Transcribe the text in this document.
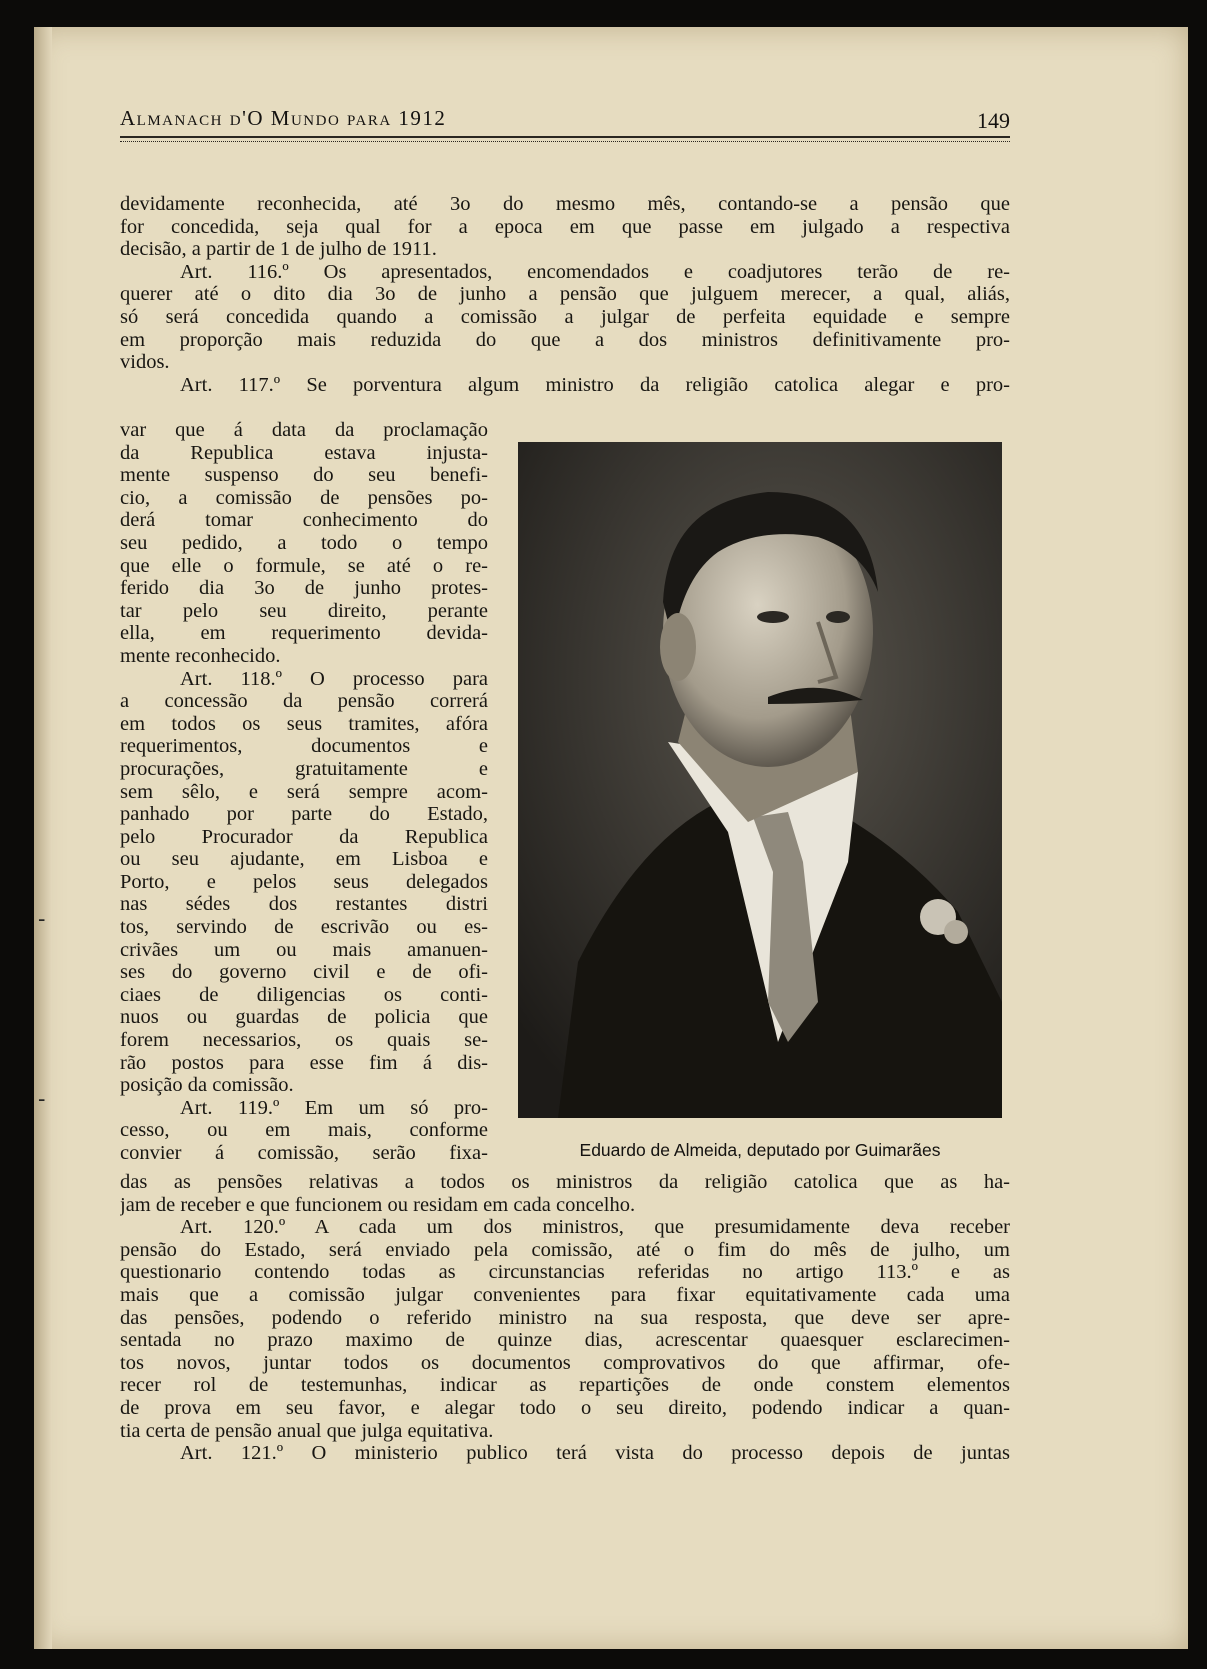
‑
‑
Almanach d'O Mundo para 1912	149
devidamente reconhecida, até 3o do mesmo mês, contando-se a pensão que
for concedida, seja qual for a epoca em que passe em julgado a respectiva
decisão, a partir de 1 de julho de 1911.
Art. 116.º Os apresentados, encomendados e coadjutores terão de re-
querer até o dito dia 3o de junho a pensão que julguem merecer, a qual, aliás,
só será concedida quando a comissão a julgar de perfeita equidade e sempre
em proporção mais reduzida do que a dos ministros definitivamente pro-
vidos.
Art. 117.º Se porventura algum ministro da religião catolica alegar e pro-
var que á data da proclamação
da Republica estava injusta-
mente suspenso do seu benefi-
cio, a comissão de pensões po-
derá tomar conhecimento do
seu pedido, a todo o tempo
que elle o formule, se até o re-
ferido dia 3o de junho protes-
tar pelo seu direito, perante
ella, em requerimento devida-
mente reconhecido.
Art. 118.º O processo para
a concessão da pensão correrá
em todos os seus tramites, afóra
requerimentos, documentos e
procurações, gratuitamente e
sem sêlo, e será sempre acom-
panhado por parte do Estado,
pelo Procurador da Republica
ou seu ajudante, em Lisboa e
Porto, e pelos seus delegados
nas sédes dos restantes distri
tos, servindo de escrivão ou es-
crivães um ou mais amanuen-
ses do governo civil e de ofi-
ciaes de diligencias os conti-
nuos ou guardas de policia que
forem necessarios, os quais se-
rão postos para esse fim á dis-
posição da comissão.
Art. 119.º Em um só pro-
cesso, ou em mais, conforme
convier á comissão, serão fixa-	Eduardo de Almeida, deputado por Guimarães
das as pensões relativas a todos os ministros da religião catolica que as ha-
jam de receber e que funcionem ou residam em cada concelho.
Art. 120.º A cada um dos ministros, que presumidamente deva receber
pensão do Estado, será enviado pela comissão, até o fim do mês de julho, um
questionario contendo todas as circunstancias referidas no artigo 113.º e as
mais que a comissão julgar convenientes para fixar equitativamente cada uma
das pensões, podendo o referido ministro na sua resposta, que deve ser apre-
sentada no prazo maximo de quinze dias, acrescentar quaesquer esclarecimen-
tos novos, juntar todos os documentos comprovativos do que affirmar, ofe-
recer rol de testemunhas, indicar as repartições de onde constem elementos
de prova em seu favor, e alegar todo o seu direito, podendo indicar a quan-
tia certa de pensão anual que julga equitativa.
Art. 121.º O ministerio publico terá vista do processo depois de juntas
